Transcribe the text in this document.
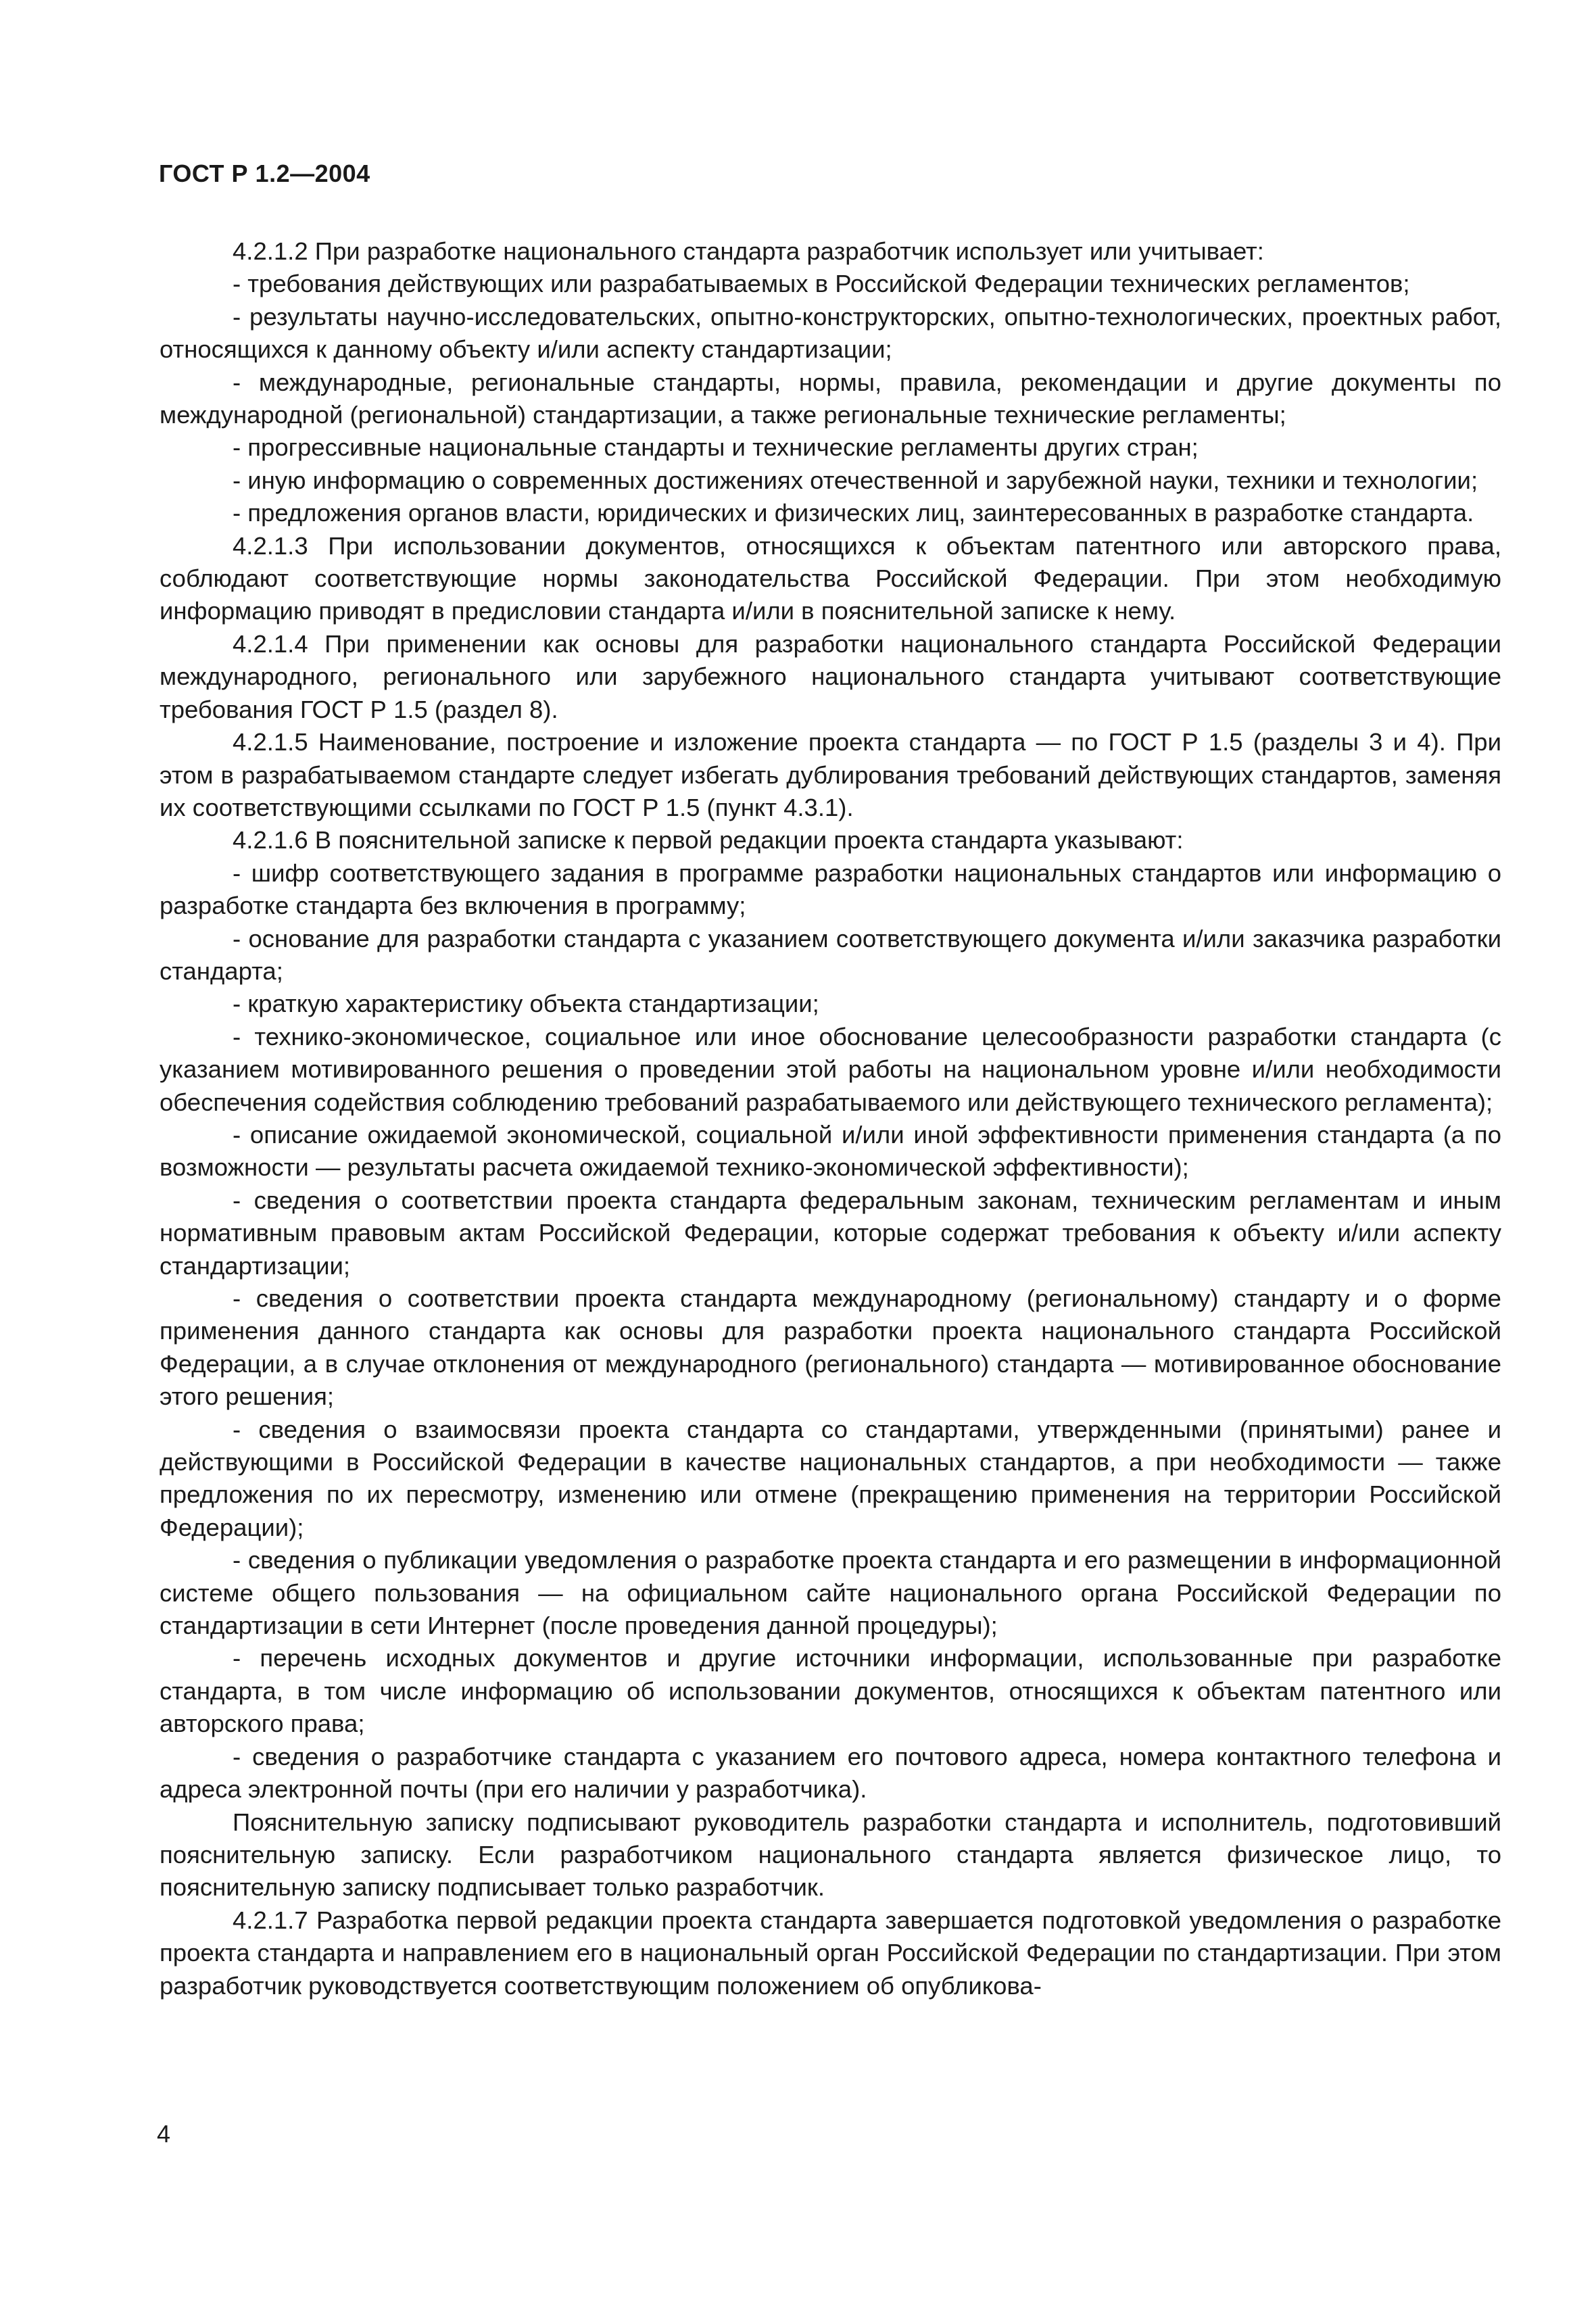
ГОСТ Р 1.2—2004

4.2.1.2 При разработке национального стандарта разработчик использует или учитывает:

- требования действующих или разрабатываемых в Российской Федерации технических регламентов;

- результаты научно-исследовательских, опытно-конструкторских, опытно-технологических, проектных работ, относящихся к данному объекту и/или аспекту стандартизации;

- международные, региональные стандарты, нормы, правила, рекомендации и другие документы по международной (региональной) стандартизации, а также региональные технические регламенты;

- прогрессивные национальные стандарты и технические регламенты других стран;

- иную информацию о современных достижениях отечественной и зарубежной науки, техники и технологии;

- предложения органов власти, юридических и физических лиц, заинтересованных в разработке стандарта.

4.2.1.3 При использовании документов, относящихся к объектам патентного или авторского права, соблюдают соответствующие нормы законодательства Российской Федерации. При этом необходимую информацию приводят в предисловии стандарта и/или в пояснительной записке к нему.

4.2.1.4 При применении как основы для разработки национального стандарта Российской Федерации международного, регионального или зарубежного национального стандарта учитывают соответствующие требования ГОСТ Р 1.5 (раздел 8).

4.2.1.5 Наименование, построение и изложение проекта стандарта — по ГОСТ Р 1.5 (разделы 3 и 4). При этом в разрабатываемом стандарте следует избегать дублирования требований действующих стандартов, заменяя их соответствующими ссылками по ГОСТ Р 1.5 (пункт 4.3.1).

4.2.1.6 В пояснительной записке к первой редакции проекта стандарта указывают:

- шифр соответствующего задания в программе разработки национальных стандартов или информацию о разработке стандарта без включения в программу;

- основание для разработки стандарта с указанием соответствующего документа и/или заказчика разработки стандарта;

- краткую характеристику объекта стандартизации;

- технико-экономическое, социальное или иное обоснование целесообразности разработки стандарта (с указанием мотивированного решения о проведении этой работы на национальном уровне и/или необходимости обеспечения содействия соблюдению требований разрабатываемого или действующего технического регламента);

- описание ожидаемой экономической, социальной и/или иной эффективности применения стандарта (а по возможности — результаты расчета ожидаемой технико-экономической эффективности);

- сведения о соответствии проекта стандарта федеральным законам, техническим регламентам и иным нормативным правовым актам Российской Федерации, которые содержат требования к объекту и/или аспекту стандартизации;

- сведения о соответствии проекта стандарта международному (региональному) стандарту и о форме применения данного стандарта как основы для разработки проекта национального стандарта Российской Федерации, а в случае отклонения от международного (регионального) стандарта — мотивированное обоснование этого решения;

- сведения о взаимосвязи проекта стандарта со стандартами, утвержденными (принятыми) ранее и действующими в Российской Федерации в качестве национальных стандартов, а при необходимости — также предложения по их пересмотру, изменению или отмене (прекращению применения на территории Российской Федерации);

- сведения о публикации уведомления о разработке проекта стандарта и его размещении в информационной системе общего пользования — на официальном сайте национального органа Российской Федерации по стандартизации в сети Интернет (после проведения данной процедуры);

- перечень исходных документов и другие источники информации, использованные при разработке стандарта, в том числе информацию об использовании документов, относящихся к объектам патентного или авторского права;

- сведения о разработчике стандарта с указанием его почтового адреса, номера контактного телефона и адреса электронной почты (при его наличии у разработчика).

Пояснительную записку подписывают руководитель разработки стандарта и исполнитель, подготовивший пояснительную записку. Если разработчиком национального стандарта является физическое лицо, то пояснительную записку подписывает только разработчик.

4.2.1.7 Разработка первой редакции проекта стандарта завершается подготовкой уведомления о разработке проекта стандарта и направлением его в национальный орган Российской Федерации по стандартизации. При этом разработчик руководствуется соответствующим положением об опубликова-

4
